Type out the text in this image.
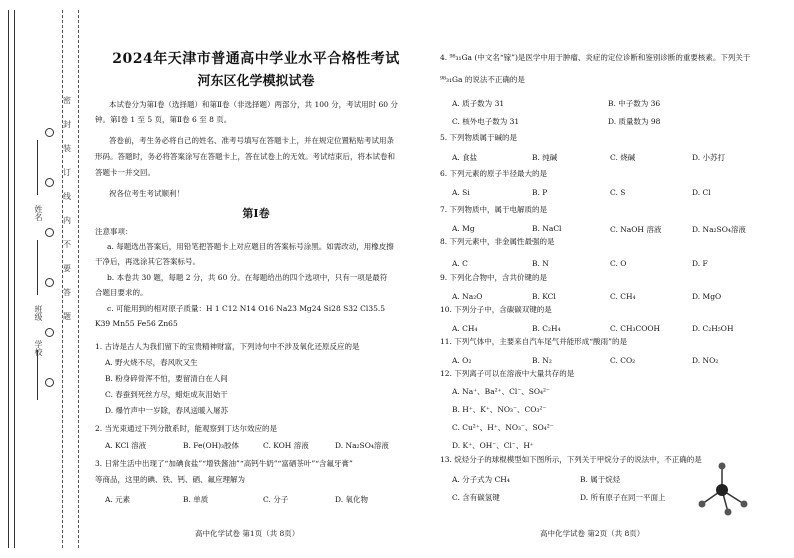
姓名
班级
学校
密
封
装
订
线
内
不
要
答
题
2024年天津市普通高中学业水平合格性考试
河东区化学模拟试卷

本试卷分为第Ⅰ卷（选择题）和第Ⅱ卷（非选择题）两部分，共 100 分，考试用时 60 分

钟。第Ⅰ卷 1 至 5 页，第Ⅱ卷 6 至 8 页。

答卷前，考生务必将自己的姓名、准考号填写在答题卡上，并在规定位置粘贴考试用条

形码。答题时，务必将答案涂写在答题卡上，答在试卷上的无效。考试结束后，将本试卷和

答题卡一并交回。

祝各位考生考试顺利！

第Ⅰ卷

注意事项：

a. 每题选出答案后，用铅笔把答题卡上对应题目的答案标号涂黑。如需改动，用橡皮擦

干净后，再选涂其它答案标号。

b. 本卷共 30 题，每题 2 分，共 60 分。在每题给出的四个选项中，只有一项是最符

合题目要求的。

c. 可能用到的相对原子质量：H 1 C12 N14 O16 Na23 Mg24 Si28 S32 Cl35.5

K39 Mn55 Fe56 Zn65

1. 古诗是古人为我们留下的宝贵精神财富，下列诗句中不涉及氧化还原反应的是

A. 野火烧不尽，春风吹又生

B. 粉身碎骨浑不怕，要留清白在人间

C. 春蚕到死丝方尽，蜡炬成灰泪始干

D. 爆竹声中一岁除，春风送暖入屠苏

2. 当光束通过下列分散系时，能观察到丁达尔效应的是

A. KCl 溶液	B. Fe(OH)₃胶体	C. KOH 溶液	D. Na₂SO₄溶液

3. 日常生活中出现了“加碘食盐”“增铁酱油”“高钙牛奶”“富硒茶叶”“含氟牙膏”

等商品，这里的碘、铁、钙、硒、氟应理解为

A. 元素	B. 单质	C. 分子	D. 氧化物
高中化学试卷 第1页（共 8页）

4. ⁹⁸₃₁Ga (中文名“镓”)是医学中用于肿瘤、炎症的定位诊断和鉴别诊断的重要核素。下列关于

⁹⁸₃₁Ga 的说法不正确的是

A. 质子数为 31	B. 中子数为 36
C. 核外电子数为 31	D. 质量数为 98

5. 下列物质属于碱的是

A. 食盐	B. 纯碱	C. 烧碱	D. 小苏打

6. 下列元素的原子半径最大的是

A. Si	B. P	C. S	D. Cl

7. 下列物质中，属于电解质的是

A. Mg	B. NaCl	C. NaOH 溶液	D. Na₂SO₄溶液

8. 下列元素中，非金属性最强的是

A. C	B. N	C. O	D. F

9. 下列化合物中，含共价键的是

A. Na₂O	B. KCl	C. CH₄	D. MgO

10. 下列分子中，含碳碳双键的是

A. CH₄	B. C₂H₄	C. CH₃COOH	D. C₂H₅OH

11. 下列气体中，主要来自汽车尾气并能形成“酸雨”的是

A. O₂	B. N₂	C. CO₂	D. NO₂

12. 下列离子可以在溶液中大量共存的是

A. Na⁺、Ba²⁺、Cl⁻、SO₄²⁻
B. H⁺、K⁺、NO₃⁻、CO₃²⁻
C. Cu²⁺、H⁺、NO₃⁻、SO₄²⁻
D. K⁺、OH⁻、Cl⁻、H⁺

13. 烷烃分子的球棍模型如下图所示，下列关于甲烷分子的说法中，不正确的是

A. 分子式为 CH₄	B. 属于烷烃
C. 含有碳氢键	D. 所有原子在同一平面上
高中化学试卷 第2页（共 8页）
